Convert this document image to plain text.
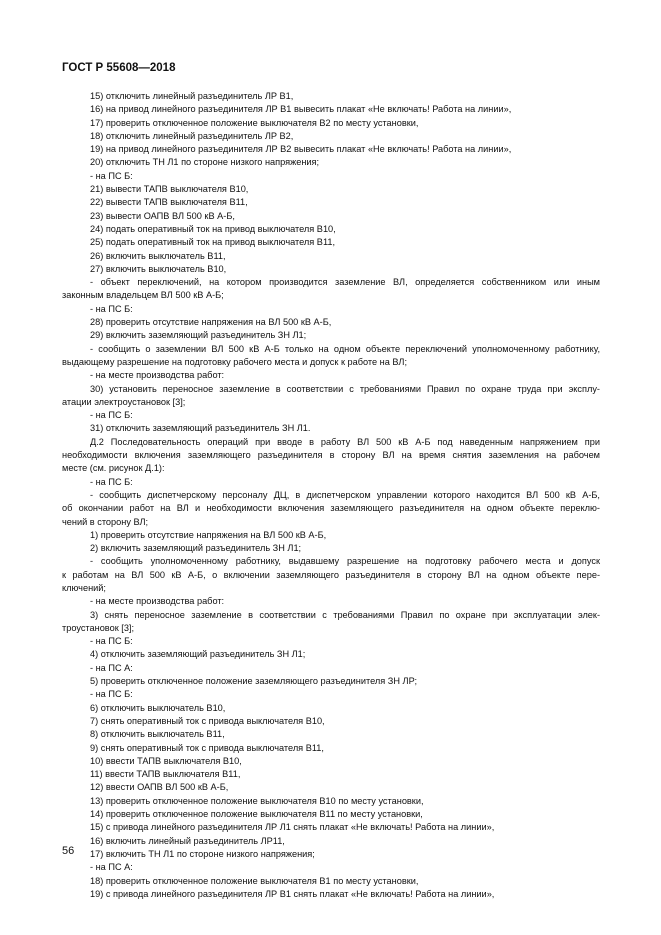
ГОСТ Р 55608—2018
15) отключить линейный разъединитель ЛР В1,
16) на привод линейного разъединителя ЛР В1 вывесить плакат «Не включать! Работа на линии»,
17) проверить отключенное положение выключателя В2 по месту установки,
18) отключить линейный разъединитель ЛР В2,
19) на привод линейного разъединителя ЛР В2 вывесить плакат «Не включать! Работа на линии»,
20) отключить ТН Л1 по стороне низкого напряжения;
- на ПС Б:
21) вывести ТАПВ выключателя В10,
22) вывести ТАПВ выключателя В11,
23) вывести ОАПВ ВЛ 500 кВ А-Б,
24) подать оперативный ток на привод выключателя В10,
25) подать оперативный ток на привод выключателя В11,
26) включить выключатель В11,
27) включить выключатель В10,
- объект переключений, на котором производится заземление ВЛ, определяется собственником или иным
законным владельцем ВЛ 500 кВ А-Б;
- на ПС Б:
28) проверить отсутствие напряжения на ВЛ 500 кВ А-Б,
29) включить заземляющий разъединитель ЗН Л1;
- сообщить о заземлении ВЛ 500 кВ А-Б только на одном объекте переключений уполномоченному работнику,
выдающему разрешение на подготовку рабочего места и допуск к работе на ВЛ;
- на месте производства работ:
30) установить переносное заземление в соответствии с требованиями Правил по охране труда при эксплу-
атации электроустановок [3];
- на ПС Б:
31) отключить заземляющий разъединитель ЗН Л1.
Д.2 Последовательность операций при вводе в работу ВЛ 500 кВ А-Б под наведенным напряжением при
необходимости включения заземляющего разъединителя в сторону ВЛ на время снятия заземления на рабочем
месте (см. рисунок Д.1):
- на ПС Б:
- сообщить диспетчерскому персоналу ДЦ, в диспетчерском управлении которого находится ВЛ 500 кВ А-Б,
об окончании работ на ВЛ и необходимости включения заземляющего разъединителя на одном объекте переклю-
чений в сторону ВЛ;
1) проверить отсутствие напряжения на ВЛ 500 кВ А-Б,
2) включить заземляющий разъединитель ЗН Л1;
- сообщить уполномоченному работнику, выдавшему разрешение на подготовку рабочего места и допуск
к работам на ВЛ 500 кВ А-Б, о включении заземляющего разъединителя в сторону ВЛ на одном объекте пере-
ключений;
- на месте производства работ:
3) снять переносное заземление в соответствии с требованиями Правил по охране при эксплуатации элек-
троустановок [3];
- на ПС Б:
4) отключить заземляющий разъединитель ЗН Л1;
- на ПС А:
5) проверить отключенное положение заземляющего разъединителя ЗН ЛР;
- на ПС Б:
6) отключить выключатель В10,
7) снять оперативный ток с привода выключателя В10,
8) отключить выключатель В11,
9) снять оперативный ток с привода выключателя В11,
10) ввести ТАПВ выключателя В10,
11) ввести ТАПВ выключателя В11,
12) ввести ОАПВ ВЛ 500 кВ А-Б,
13) проверить отключенное положение выключателя В10 по месту установки,
14) проверить отключенное положение выключателя В11 по месту установки,
15) с привода линейного разъединителя ЛР Л1 снять плакат «Не включать! Работа на линии»,
16) включить линейный разъединитель ЛР11,
17) включить ТН Л1 по стороне низкого напряжения;
- на ПС А:
18) проверить отключенное положение выключателя В1 по месту установки,
19) с привода линейного разъединителя ЛР В1 снять плакат «Не включать! Работа на линии»,
56
